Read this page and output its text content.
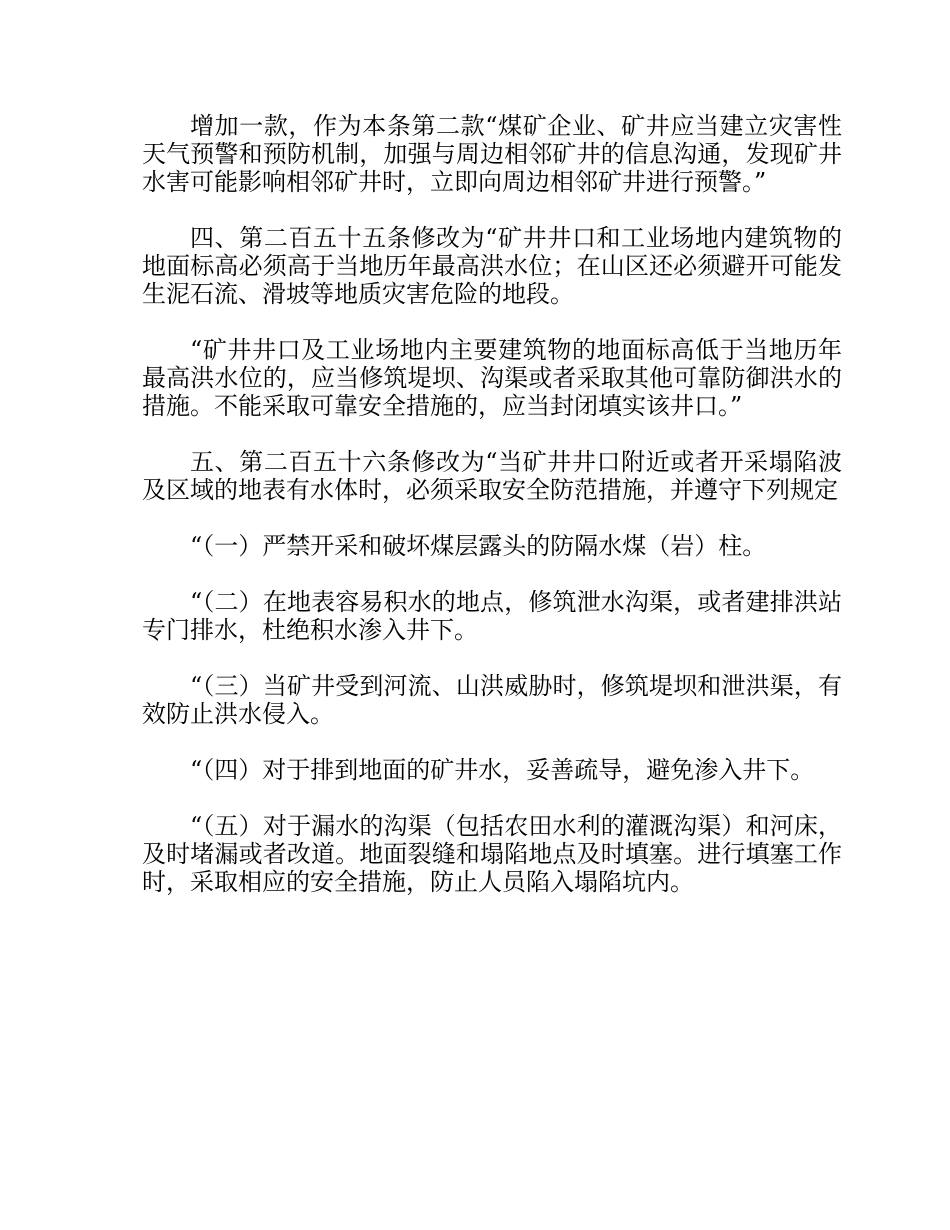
增加一款，作为本条第二款“煤矿企业、矿井应当建立灾害性天气预警和预防机制，加强与周边相邻矿井的信息沟通，发现矿井水害可能影响相邻矿井时，立即向周边相邻矿井进行预警。”

四、第二百五十五条修改为“矿井井口和工业场地内建筑物的地面标高必须高于当地历年最高洪水位；在山区还必须避开可能发生泥石流、滑坡等地质灾害危险的地段。

“矿井井口及工业场地内主要建筑物的地面标高低于当地历年最高洪水位的，应当修筑堤坝、沟渠或者采取其他可靠防御洪水的措施。不能采取可靠安全措施的，应当封闭填实该井口。”

五、第二百五十六条修改为“当矿井井口附近或者开采塌陷波及区域的地表有水体时，必须采取安全防范措施，并遵守下列规定

“（一）严禁开采和破坏煤层露头的防隔水煤（岩）柱。

“（二）在地表容易积水的地点，修筑泄水沟渠，或者建排洪站专门排水，杜绝积水渗入井下。

“（三）当矿井受到河流、山洪威胁时，修筑堤坝和泄洪渠，有效防止洪水侵入。

“（四）对于排到地面的矿井水，妥善疏导，避免渗入井下。

“（五）对于漏水的沟渠（包括农田水利的灌溉沟渠）和河床，及时堵漏或者改道。地面裂缝和塌陷地点及时填塞。进行填塞工作时，采取相应的安全措施，防止人员陷入塌陷坑内。
